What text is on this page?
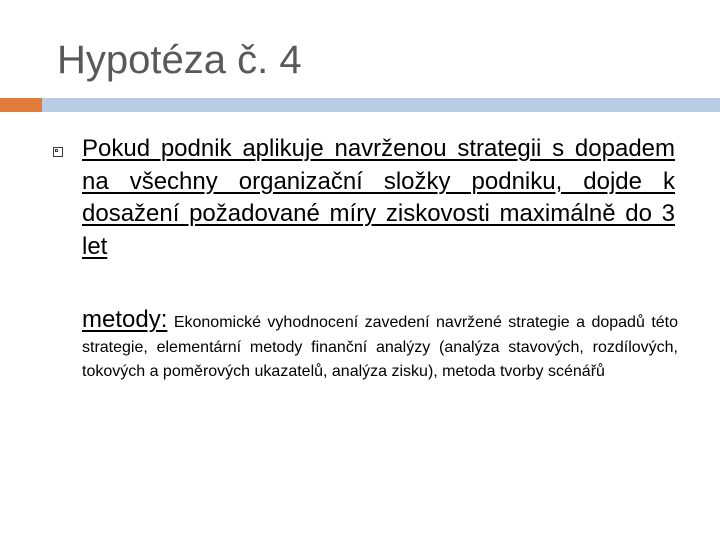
Hypotéza č. 4

Pokud podnik aplikuje navrženou strategii s dopadem na všechny organizační složky podniku, dojde k dosažení požadované míry ziskovosti maximálně do 3 let

metody: Ekonomické vyhodnocení zavedení navržené strategie a dopadů této strategie, elementární metody finanční analýzy (analýza stavových, rozdílových, tokových a poměrových ukazatelů, analýza zisku), metoda tvorby scénářů
